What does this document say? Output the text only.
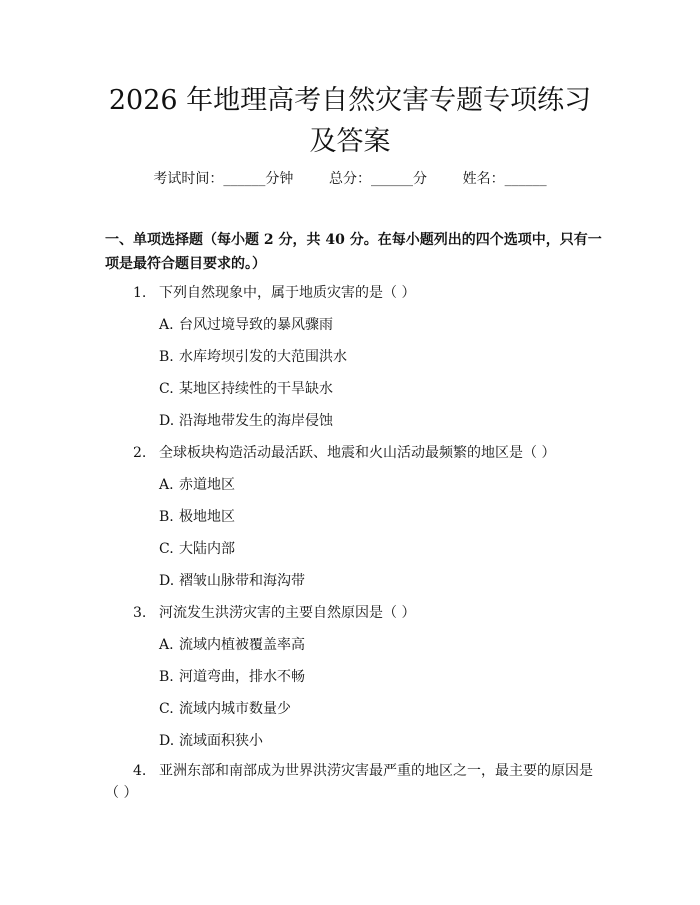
2026 年地理高考自然灾害专题专项练习及答案
考试时间：______分钟	总分：______分	姓名：______
一、单项选择题（每小题 2 分，共 40 分。在每小题列出的四个选项中，只有一项是最符合题目要求的。）
1. 下列自然现象中，属于地质灾害的是（ ）
A. 台风过境导致的暴风骤雨
B. 水库垮坝引发的大范围洪水
C. 某地区持续性的干旱缺水
D. 沿海地带发生的海岸侵蚀
2. 全球板块构造活动最活跃、地震和火山活动最频繁的地区是（ ）
A. 赤道地区
B. 极地地区
C. 大陆内部
D. 褶皱山脉带和海沟带
3. 河流发生洪涝灾害的主要自然原因是（ ）
A. 流域内植被覆盖率高
B. 河道弯曲，排水不畅
C. 流域内城市数量少
D. 流域面积狭小
4. 亚洲东部和南部成为世界洪涝灾害最严重的地区之一，最主要的原因是（ ）
